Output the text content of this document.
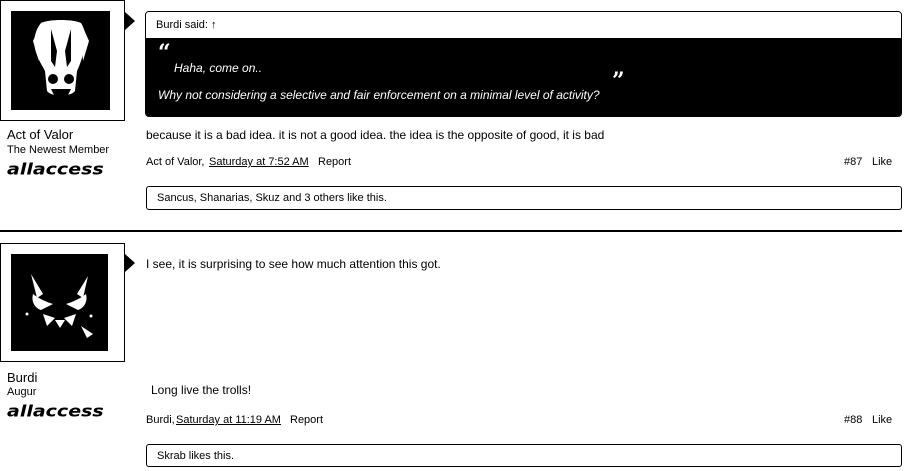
Act of Valor
The Newest Member
allaccess
Burdi said: ↑
“
Haha, come on..
Why not considering a selective and fair enforcement on a minimal level of activity?
”
because it is a bad idea. it is not a good idea. the idea is the opposite of good, it is bad
Act of Valor, Saturday at 7:52 AM Report	#87 Like
Sancus, Shanarias, Skuz and 3 others like this.
Burdi
Augur
allaccess
I see, it is surprising to see how much attention this got.
Long live the trolls!
Burdi, Saturday at 11:19 AM Report	#88 Like
Skrab likes this.
